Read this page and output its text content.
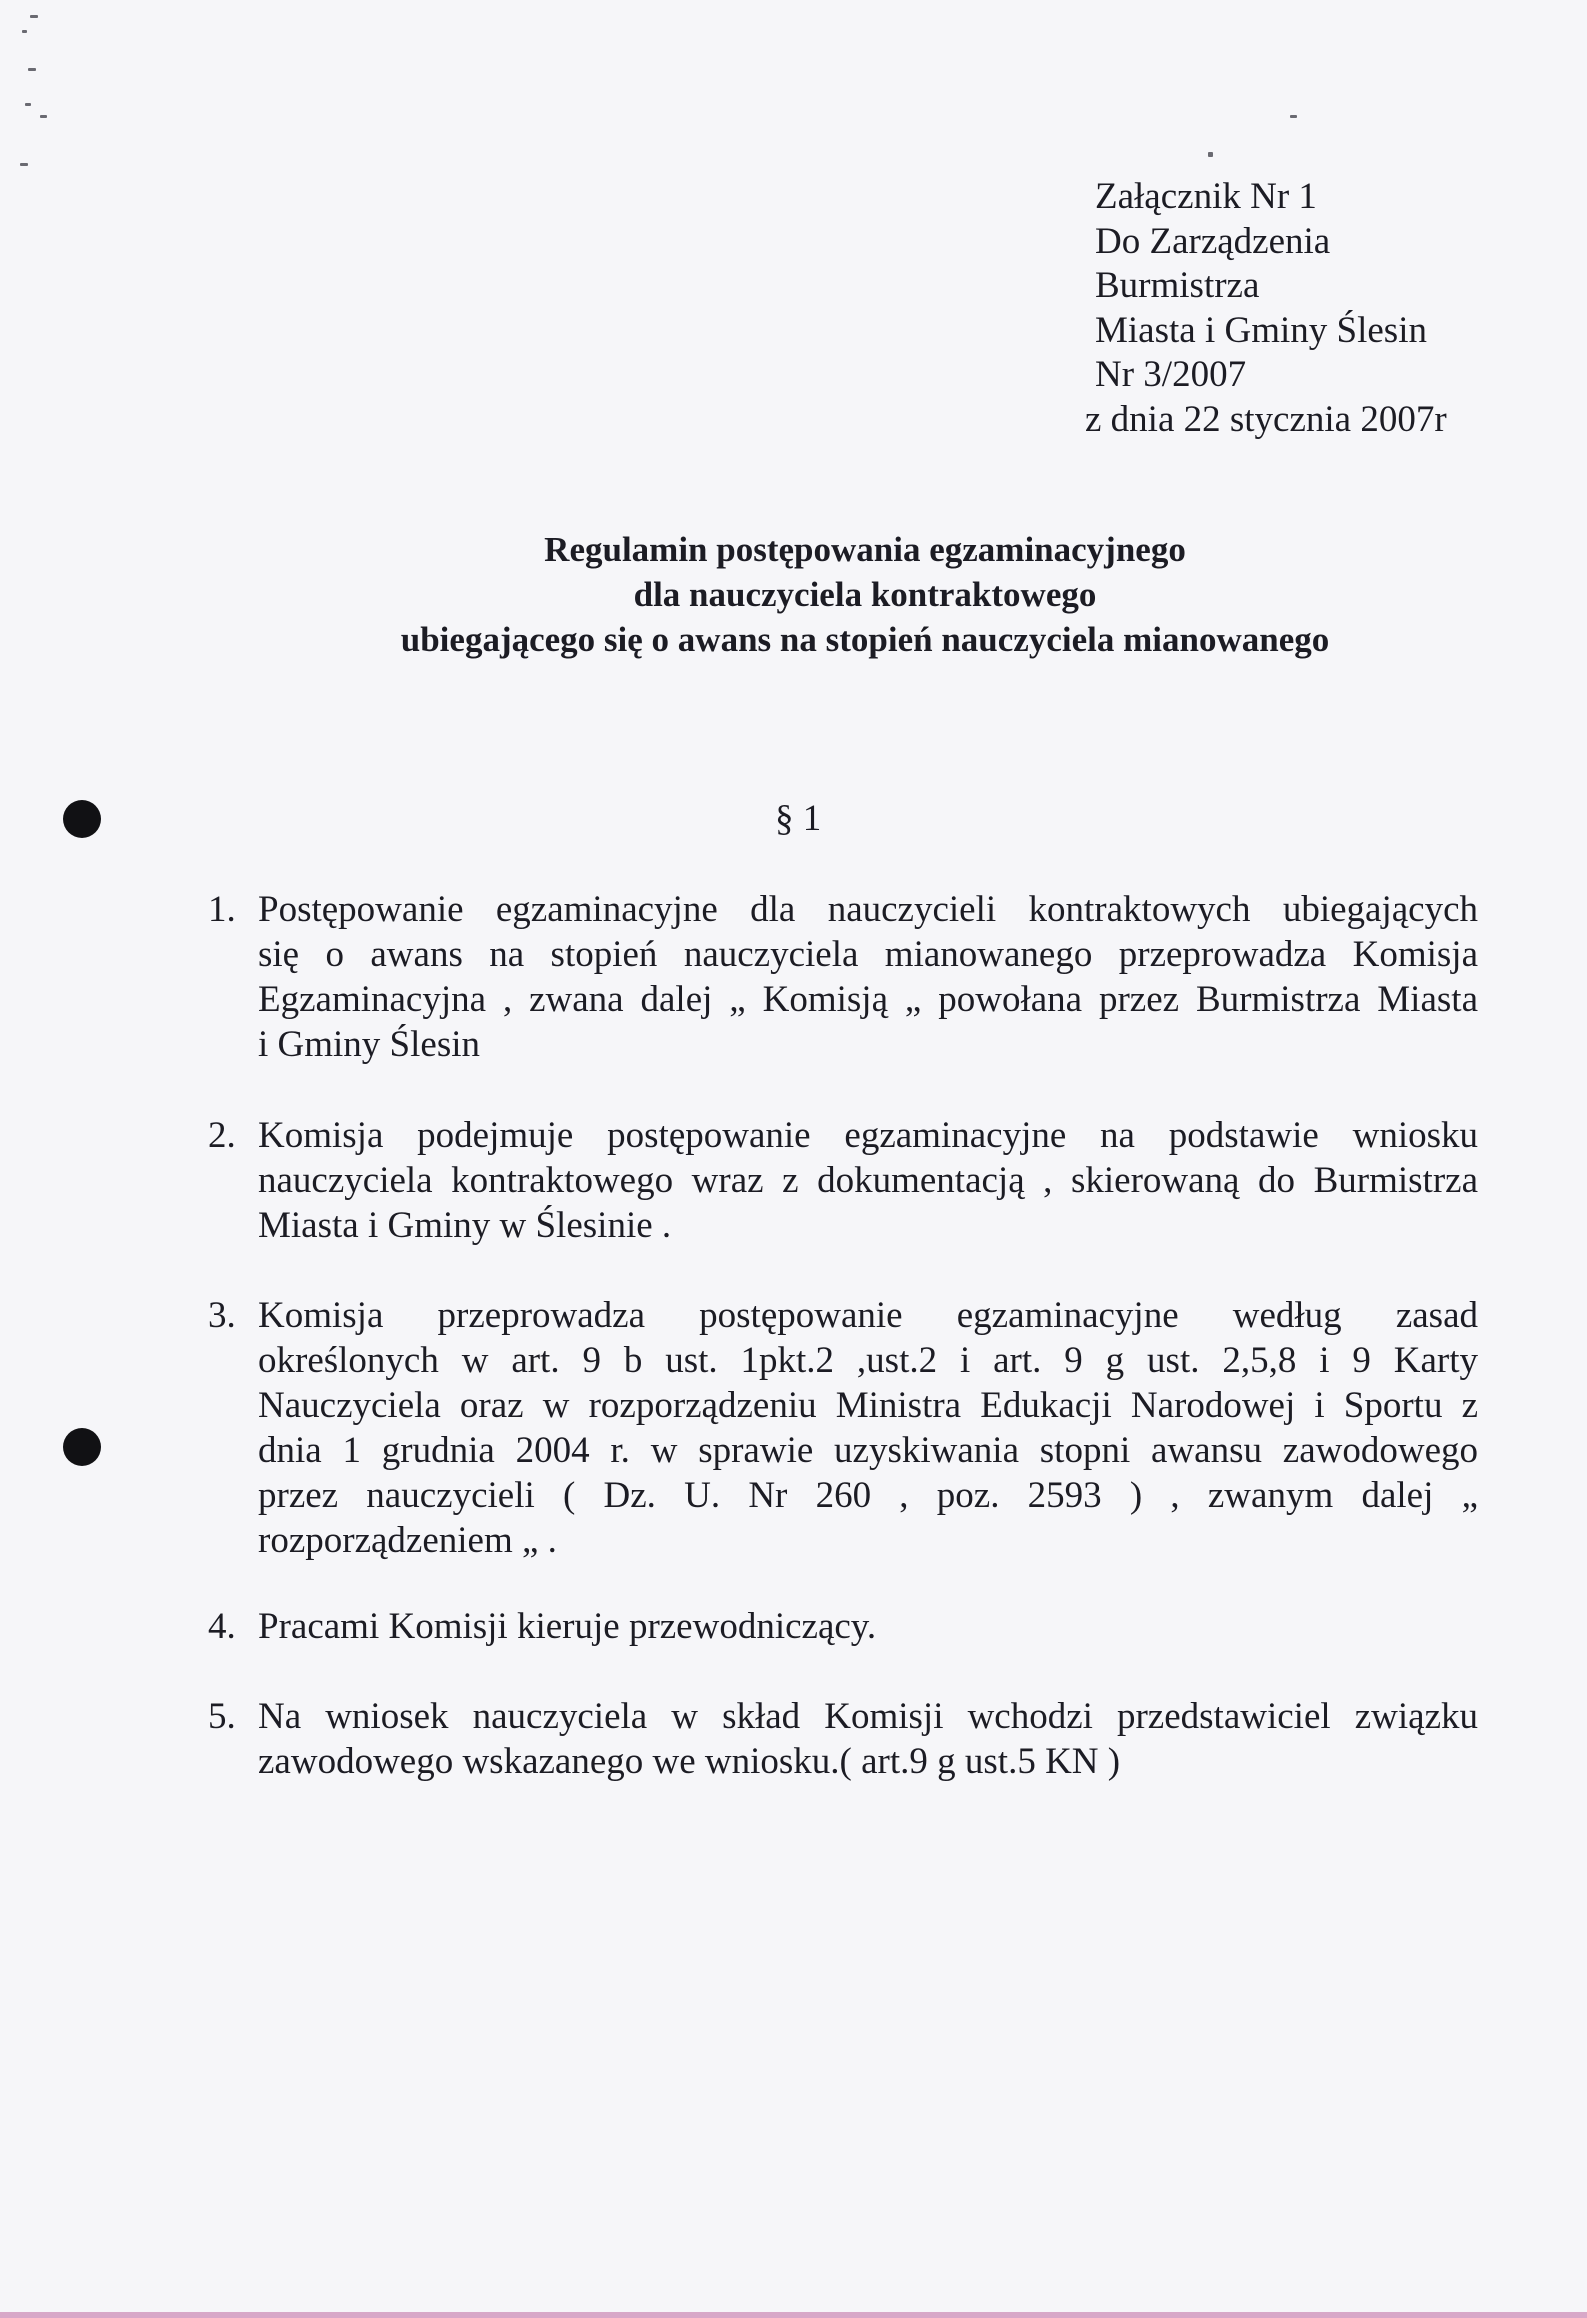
Załącznik Nr 1
Do Zarządzenia
Burmistrza
Miasta i Gminy Ślesin
Nr 3/2007
z dnia 22 stycznia 2007r
Regulamin postępowania egzaminacyjnego
dla nauczyciela kontraktowego
ubiegającego się o awans na stopień nauczyciela mianowanego
§ 1
1. Postępowanie egzaminacyjne dla nauczycieli kontraktowych ubiegających
się o awans na stopień nauczyciela mianowanego przeprowadza Komisja
Egzaminacyjna , zwana dalej „ Komisją „ powołana przez Burmistrza Miasta
i Gminy Ślesin
2. Komisja podejmuje postępowanie egzaminacyjne na podstawie wniosku
nauczyciela kontraktowego wraz z dokumentacją , skierowaną do Burmistrza
Miasta i Gminy w Ślesinie .
3. Komisja przeprowadza postępowanie egzaminacyjne według zasad
określonych w art. 9 b ust. 1pkt.2 ,ust.2 i art. 9 g ust. 2,5,8 i 9 Karty
Nauczyciela oraz w rozporządzeniu Ministra Edukacji Narodowej i Sportu z
dnia 1 grudnia 2004 r. w sprawie uzyskiwania stopni awansu zawodowego
przez nauczycieli ( Dz. U. Nr 260 , poz. 2593 ) , zwanym dalej „
rozporządzeniem „ .
4. Pracami Komisji kieruje przewodniczący.
5. Na wniosek nauczyciela w skład Komisji wchodzi przedstawiciel związku
zawodowego wskazanego we wniosku.( art.9 g ust.5 KN )
